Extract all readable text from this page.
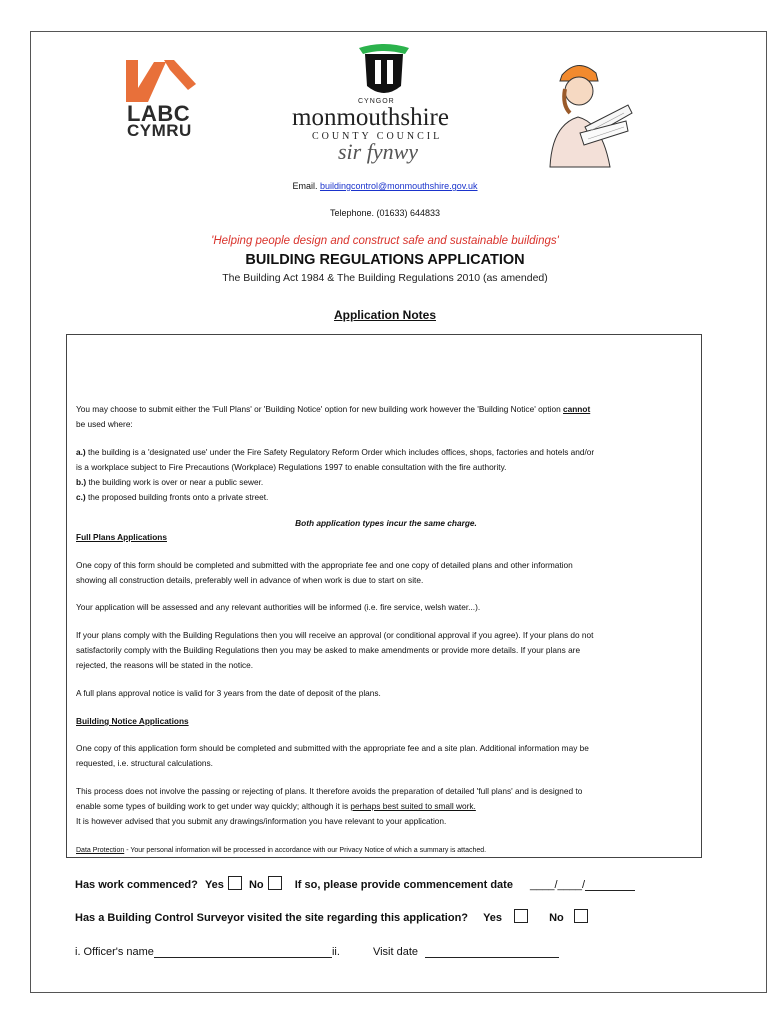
LABC
CYMRU
CYNGOR
monmouthshire
COUNTY COUNCIL
sir fynwy
Email. buildingcontrol@monmouthshire.gov.uk
Telephone. (01633) 644833
'Helping people design and construct safe and sustainable buildings'
BUILDING REGULATIONS APPLICATION
The Building Act 1984 & The Building Regulations 2010 (as amended)
Application Notes
You may choose to submit either the 'Full Plans' or 'Building Notice' option for new building work however the 'Building Notice' option cannot
be used where:
a.) the building is a 'designated use' under the Fire Safety Regulatory Reform Order which includes offices, shops, factories and hotels and/or
is a workplace subject to Fire Precautions (Workplace) Regulations 1997 to enable consultation with the fire authority.
b.) the building work is over or near a public sewer.
c.) the proposed building fronts onto a private street.
Both application types incur the same charge.
Full Plans Applications
One copy of this form should be completed and submitted with the appropriate fee and one copy of detailed plans and other information
showing all construction details, preferably well in advance of when work is due to start on site.
Your application will be assessed and any relevant authorities will be informed (i.e. fire service, welsh water...).
If your plans comply with the Building Regulations then you will receive an approval (or conditional approval if you agree). If your plans do not
satisfactorily comply with the Building Regulations then you may be asked to make amendments or provide more details. If your plans are
rejected, the reasons will be stated in the notice.
A full plans approval notice is valid for 3 years from the date of deposit of the plans.
Building Notice Applications
One copy of this application form should be completed and submitted with the appropriate fee and a site plan. Additional information may be
requested, i.e. structural calculations.
This process does not involve the passing or rejecting of plans. It therefore avoids the preparation of detailed 'full plans' and is designed to
enable some types of building work to get under way quickly; although it is perhaps best suited to small work.
It is however advised that you submit any drawings/information you have relevant to your application.
Data Protection - Your personal information will be processed in accordance with our Privacy Notice of which a summary is attached.
Has work commenced? Yes No	If so, please provide commencement date ____/____/
Has a Building Control Surveyor visited the site regarding this application? Yes	No
i. Officer's name	ii.	Visit date
